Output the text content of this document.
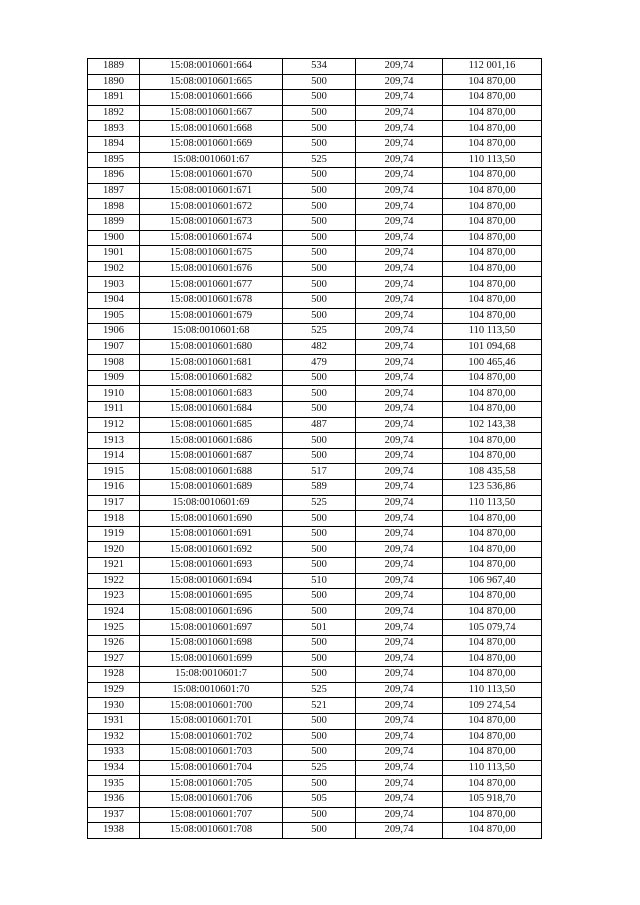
1889	15:08:0010601:664	534	209,74	112 001,16
1890	15:08:0010601:665	500	209,74	104 870,00
1891	15:08:0010601:666	500	209,74	104 870,00
1892	15:08:0010601:667	500	209,74	104 870,00
1893	15:08:0010601:668	500	209,74	104 870,00
1894	15:08:0010601:669	500	209,74	104 870,00
1895	15:08:0010601:67	525	209,74	110 113,50
1896	15:08:0010601:670	500	209,74	104 870,00
1897	15:08:0010601:671	500	209,74	104 870,00
1898	15:08:0010601:672	500	209,74	104 870,00
1899	15:08:0010601:673	500	209,74	104 870,00
1900	15:08:0010601:674	500	209,74	104 870,00
1901	15:08:0010601:675	500	209,74	104 870,00
1902	15:08:0010601:676	500	209,74	104 870,00
1903	15:08:0010601:677	500	209,74	104 870,00
1904	15:08:0010601:678	500	209,74	104 870,00
1905	15:08:0010601:679	500	209,74	104 870,00
1906	15:08:0010601:68	525	209,74	110 113,50
1907	15:08:0010601:680	482	209,74	101 094,68
1908	15:08:0010601:681	479	209,74	100 465,46
1909	15:08:0010601:682	500	209,74	104 870,00
1910	15:08:0010601:683	500	209,74	104 870,00
1911	15:08:0010601:684	500	209,74	104 870,00
1912	15:08:0010601:685	487	209,74	102 143,38
1913	15:08:0010601:686	500	209,74	104 870,00
1914	15:08:0010601:687	500	209,74	104 870,00
1915	15:08:0010601:688	517	209,74	108 435,58
1916	15:08:0010601:689	589	209,74	123 536,86
1917	15:08:0010601:69	525	209,74	110 113,50
1918	15:08:0010601:690	500	209,74	104 870,00
1919	15:08:0010601:691	500	209,74	104 870,00
1920	15:08:0010601:692	500	209,74	104 870,00
1921	15:08:0010601:693	500	209,74	104 870,00
1922	15:08:0010601:694	510	209,74	106 967,40
1923	15:08:0010601:695	500	209,74	104 870,00
1924	15:08:0010601:696	500	209,74	104 870,00
1925	15:08:0010601:697	501	209,74	105 079,74
1926	15:08:0010601:698	500	209,74	104 870,00
1927	15:08:0010601:699	500	209,74	104 870,00
1928	15:08:0010601:7	500	209,74	104 870,00
1929	15:08:0010601:70	525	209,74	110 113,50
1930	15:08:0010601:700	521	209,74	109 274,54
1931	15:08:0010601:701	500	209,74	104 870,00
1932	15:08:0010601:702	500	209,74	104 870,00
1933	15:08:0010601:703	500	209,74	104 870,00
1934	15:08:0010601:704	525	209,74	110 113,50
1935	15:08:0010601:705	500	209,74	104 870,00
1936	15:08:0010601:706	505	209,74	105 918,70
1937	15:08:0010601:707	500	209,74	104 870,00
1938	15:08:0010601:708	500	209,74	104 870,00
